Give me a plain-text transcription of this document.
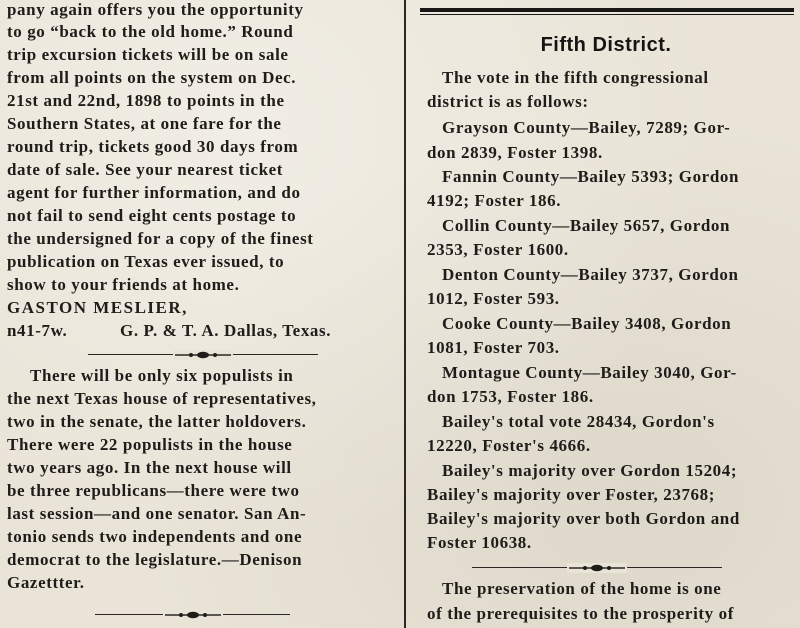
pany again offers you the opportunity
to go “back to the old home.” Round
trip excursion tickets will be on sale
from all points on the system on Dec.
21st and 22nd, 1898 to points in the
Southern States, at one fare for the
round trip, tickets good 30 days from
date of sale. See your nearest ticket
agent for further information, and do
not fail to send eight cents postage to
the undersigned for a copy of the finest
publication on Texas ever issued, to
show to your friends at home.
GASTON MESLIER,
n41-7w.	G. P. & T. A. Dallas, Texas.
There will be only six populists in
the next Texas house of representatives,
two in the senate, the latter holdovers.
There were 22 populists in the house
two years ago. In the next house will
be three republicans—there were two
last session—and one senator. San An-
tonio sends two independents and one
democrat to the legislature.—Denison
Gazettter.
Fifth District.
The vote in the fifth congressional
district is as follows:
Grayson County—Bailey, 7289; Gor-
don 2839, Foster 1398.
Fannin County—Bailey 5393; Gordon
4192; Foster 186.
Collin County—Bailey 5657, Gordon
2353, Foster 1600.
Denton County—Bailey 3737, Gordon
1012, Foster 593.
Cooke County—Bailey 3408, Gordon
1081, Foster 703.
Montague County—Bailey 3040, Gor-
don 1753, Foster 186.
Bailey's total vote 28434, Gordon's
12220, Foster's 4666.
Bailey's majority over Gordon 15204;
Bailey's majority over Foster, 23768;
Bailey's majority over both Gordon and
Foster 10638.
The preservation of the home is one
of the prerequisites to the prosperity of
